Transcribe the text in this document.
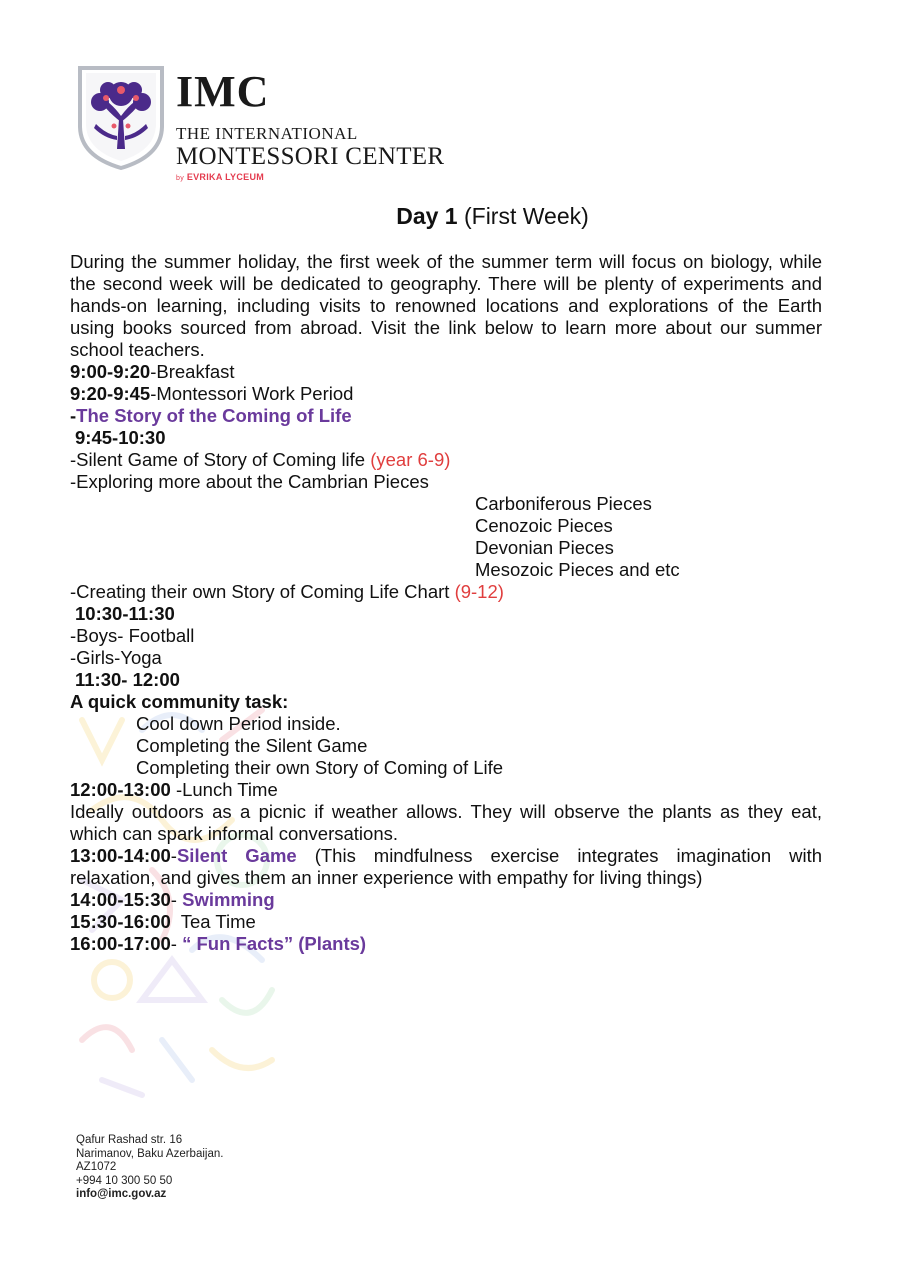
IMC
THE INTERNATIONAL
MONTESSORI CENTER
by EVRIKA LYCEUM
Day 1 (First Week)
During the summer holiday, the first week of the summer term will focus on biology, while the second week will be dedicated to geography. There will be plenty of experiments and hands-on learning, including visits to renowned locations and explorations of the Earth using books sourced from abroad. Visit the link below to learn more about our summer school teachers.
9:00-9:20-Breakfast
9:20-9:45-Montessori Work Period
-The Story of the Coming of Life
9:45-10:30
-Silent Game of Story of Coming life (year 6-9)
-Exploring more about the Cambrian Pieces
Carboniferous Pieces
Cenozoic Pieces
Devonian Pieces
Mesozoic Pieces and etc
-Creating their own Story of Coming Life Chart (9-12)
10:30-11:30
-Boys- Football
-Girls-Yoga
11:30- 12:00
A quick community task:
Cool down Period inside.
Completing the Silent Game
Completing their own Story of Coming of Life
12:00-13:00 -Lunch Time
Ideally outdoors as a picnic if weather allows. They will observe the plants as they eat, which can spark informal conversations.
13:00-14:00-Silent Game (This mindfulness exercise integrates imagination with relaxation, and gives them an inner experience with empathy for living things)
14:00-15:30- Swimming
15:30-16:00 Tea Time
16:00-17:00- “ Fun Facts” (Plants)
Qafur Rashad str. 16
Narimanov, Baku Azerbaijan.
AZ1072
+994 10 300 50 50
info@imc.gov.az
